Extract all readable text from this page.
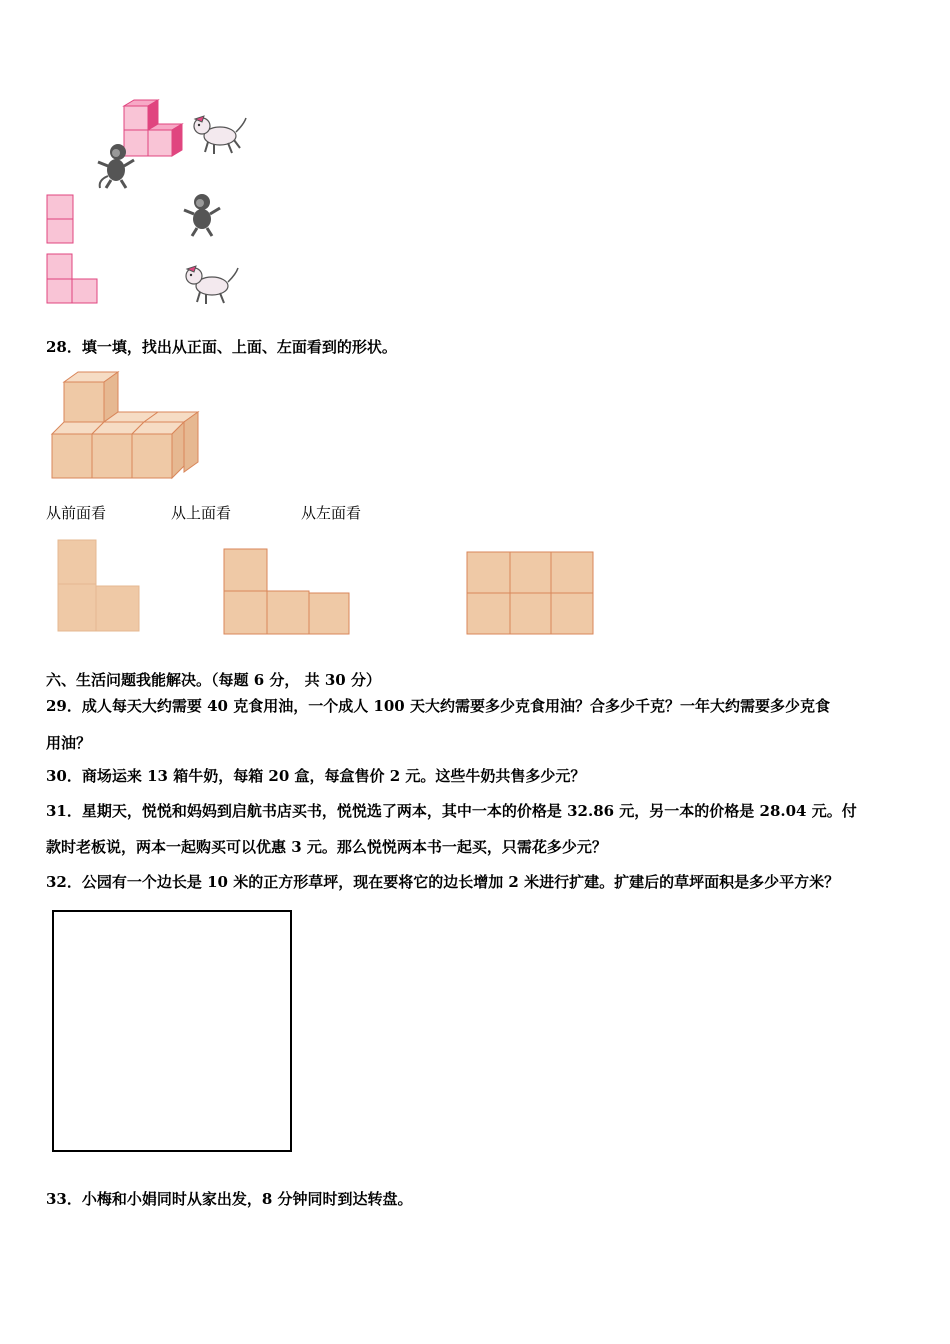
28．填一填，找出从正面、上面、左面看到的形状。
从前面看	从上面看	从左面看
六、生活问题我能解决。（每题 6 分， 共 30 分）
29．成人每天大约需要 40 克食用油，一个成人 100 天大约需要多少克食用油？合多少千克？一年大约需要多少克食
用油？
30．商场运来 13 箱牛奶，每箱 20 盒，每盒售价 2 元。这些牛奶共售多少元？
31．星期天，悦悦和妈妈到启航书店买书，悦悦选了两本，其中一本的价格是 32.86 元，另一本的价格是 28.04 元。付
款时老板说，两本一起购买可以优惠 3 元。那么悦悦两本书一起买，只需花多少元？
32．公园有一个边长是 10 米的正方形草坪，现在要将它的边长增加 2 米进行扩建。扩建后的草坪面积是多少平方米？
33．小梅和小娟同时从家出发，8 分钟同时到达转盘。
